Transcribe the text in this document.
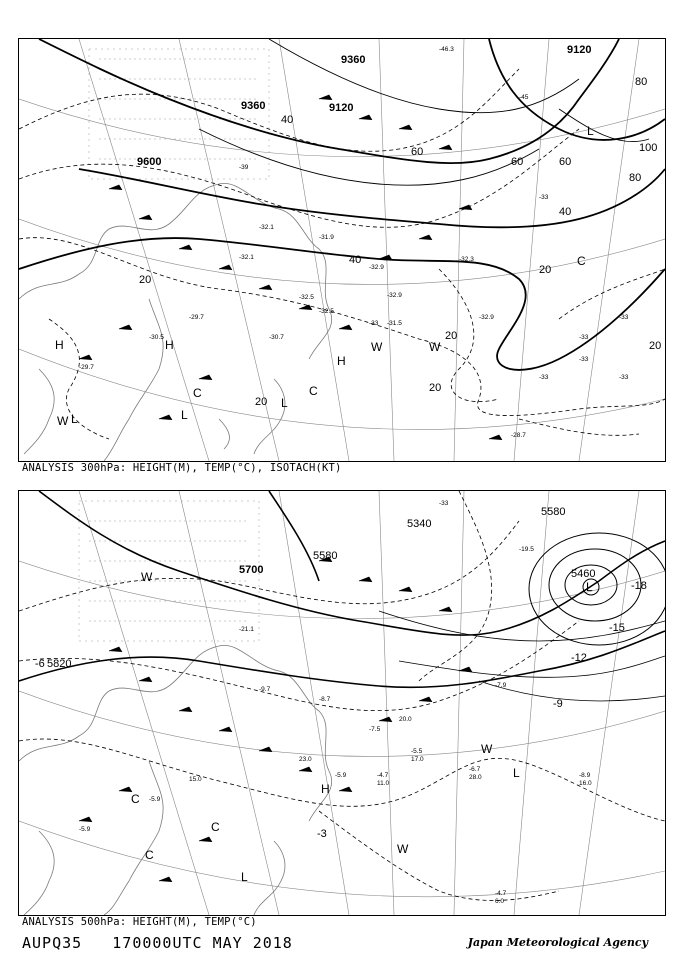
-32.1
-31.9
-32.9
-32.5
-30.5
-29.7	-32.9
-29.7
-39
-46.3
-45
-33
-33
-33
9600
9360	9120
9120
9360
20
40
60
80
100
20
40
60
80
20
40
20
20
20
60
-33 -31.5
-32.9
-32.5
-32.1
-28.7
-30.7
-32.3
-33
-33
-33
H	H
H
L	L
L
C	C
C
W	W
W
L
ANALYSIS 300hPa: HEIGHT(M), TEMP(°C), ISOTACH(KT)
-9.7
-8.7
-7.5
23.0
-5.9
15.0
-5.9
-33
-19.5
-21.1
5700
5580
5820
5460
5580
5340
-18
-15
-12
-9
-6
-3
-5.5
-4.7
-6.7
-8.9
-7.9
-5.9
-4.7
17.0
11.0
20.0
28.0
16.0
6.0
L
L
H
C
C
C
W
W
W
L
ANALYSIS 500hPa: HEIGHT(M), TEMP(°C)
AUPQ35 170000UTC MAY 2018	Japan Meteorological Agency
